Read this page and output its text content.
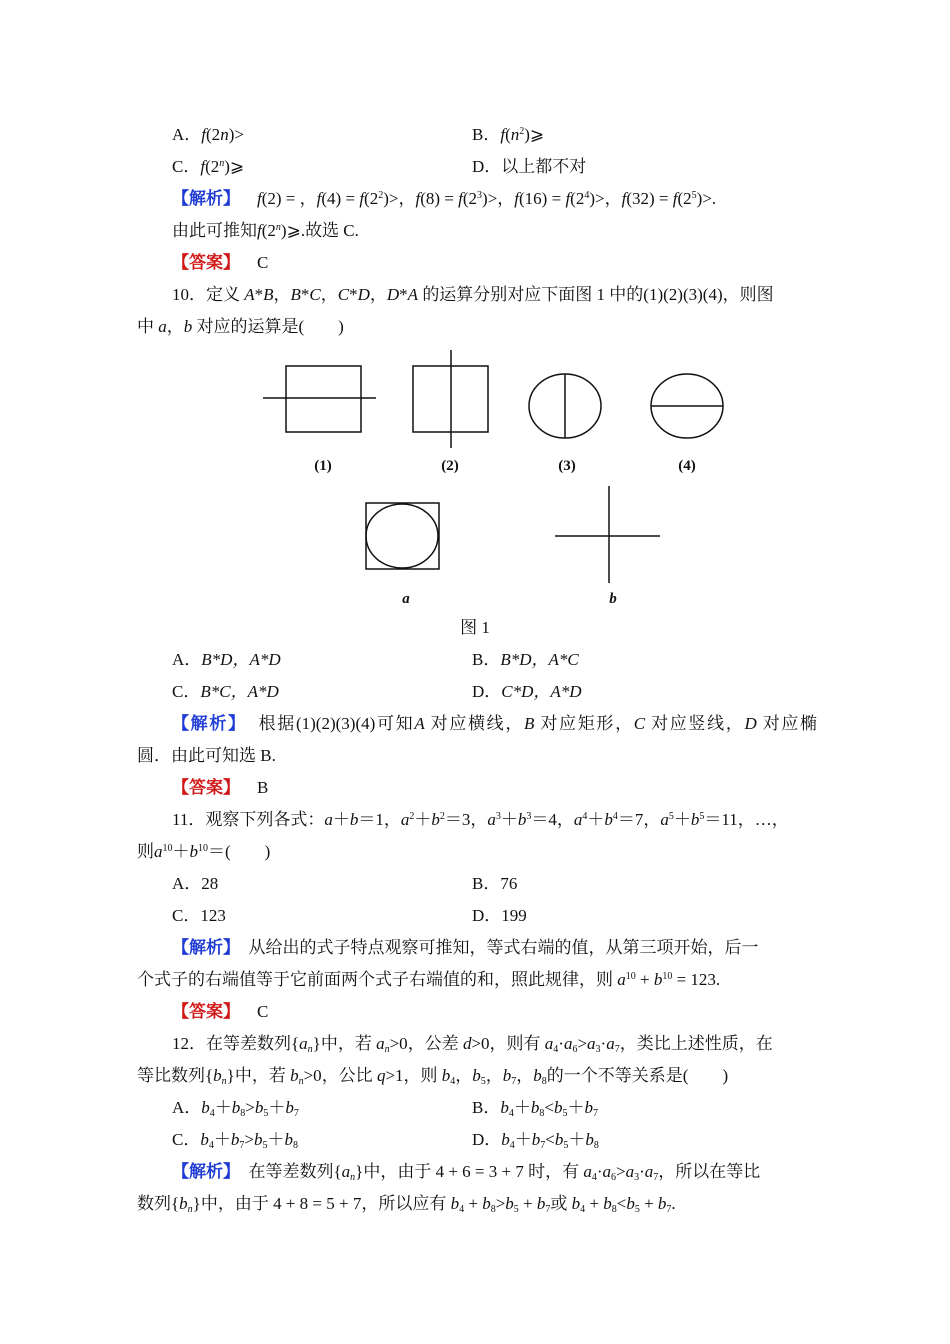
A．f(2n)>	B．$f(n^2)⩾$
C．f(2$^n$)⩾	D．以上都不对
【解析】 f(2) = ，$f(4) = f(2^2)>$，$f(8) = f(2^3)>$，$f(16) = f(2^4)>$，$f(32) = f(2^5)>$.
由此可推知f(2$^n$)⩾.故选 C.
【答案】 C
10．定义 A*B，B*C，C*D，D*A 的运算分别对应下面图 1 中的(1)(2)(3)(4)，则图
中 a，b 对应的运算是(　　)
(1)	(2)	(3)	(4)
a	b
图 1
A．B*D，A*D	B．B*D，A*C
C．B*C，A*D	D．C*D，A*D
【解析】 根据(1)(2)(3)(4)可知A 对应横线，B 对应矩形，C 对应竖线，D 对应椭
圆．由此可知选 B.
【答案】 B
11．观察下列各式：a＋b＝1，$a^2+b^2=3$，$a^3+b^3=4$，$a^4+b^4=7$，$a^5+b^5=11$，…，
则$a^{10}+b^{10}=$(　　)
A．28	B．76
C．123	D．199
【解析】 从给出的式子特点观察可推知，等式右端的值，从第三项开始，后一
个式子的右端值等于它前面两个式子右端值的和，照此规律，则 $a^{10} + b^{10} = 123$.
【答案】 C
12．在等差数列$\{a_n\}$中，若 $a_n>0$，公差 d>0，则有 $a_4\cdot a_6>a_3\cdot a_7$，类比上述性质，在
等比数列$\{b_n\}$中，若 $b_n>0$，公比 q>1，则 $b_4$，$b_5$，$b_7$，$b_8$的一个不等关系是(　　)
A．$b_4+b_8>b_5+b_7$	B．$b_4+b_8<b_5+b_7$
C．$b_4+b_7>b_5+b_8$	D．$b_4+b_7<b_5+b_8$
【解析】 在等差数列$\{a_n\}$中，由于 4 + 6 = 3 + 7 时，有 $a_4\cdot a_6>a_3\cdot a_7$，所以在等比
数列$\{b_n\}$中，由于 4 + 8 = 5 + 7，所以应有 $b_4 + b_8>b_5 + b_7$或 $b_4 + b_8<b_5 + b_7$.
